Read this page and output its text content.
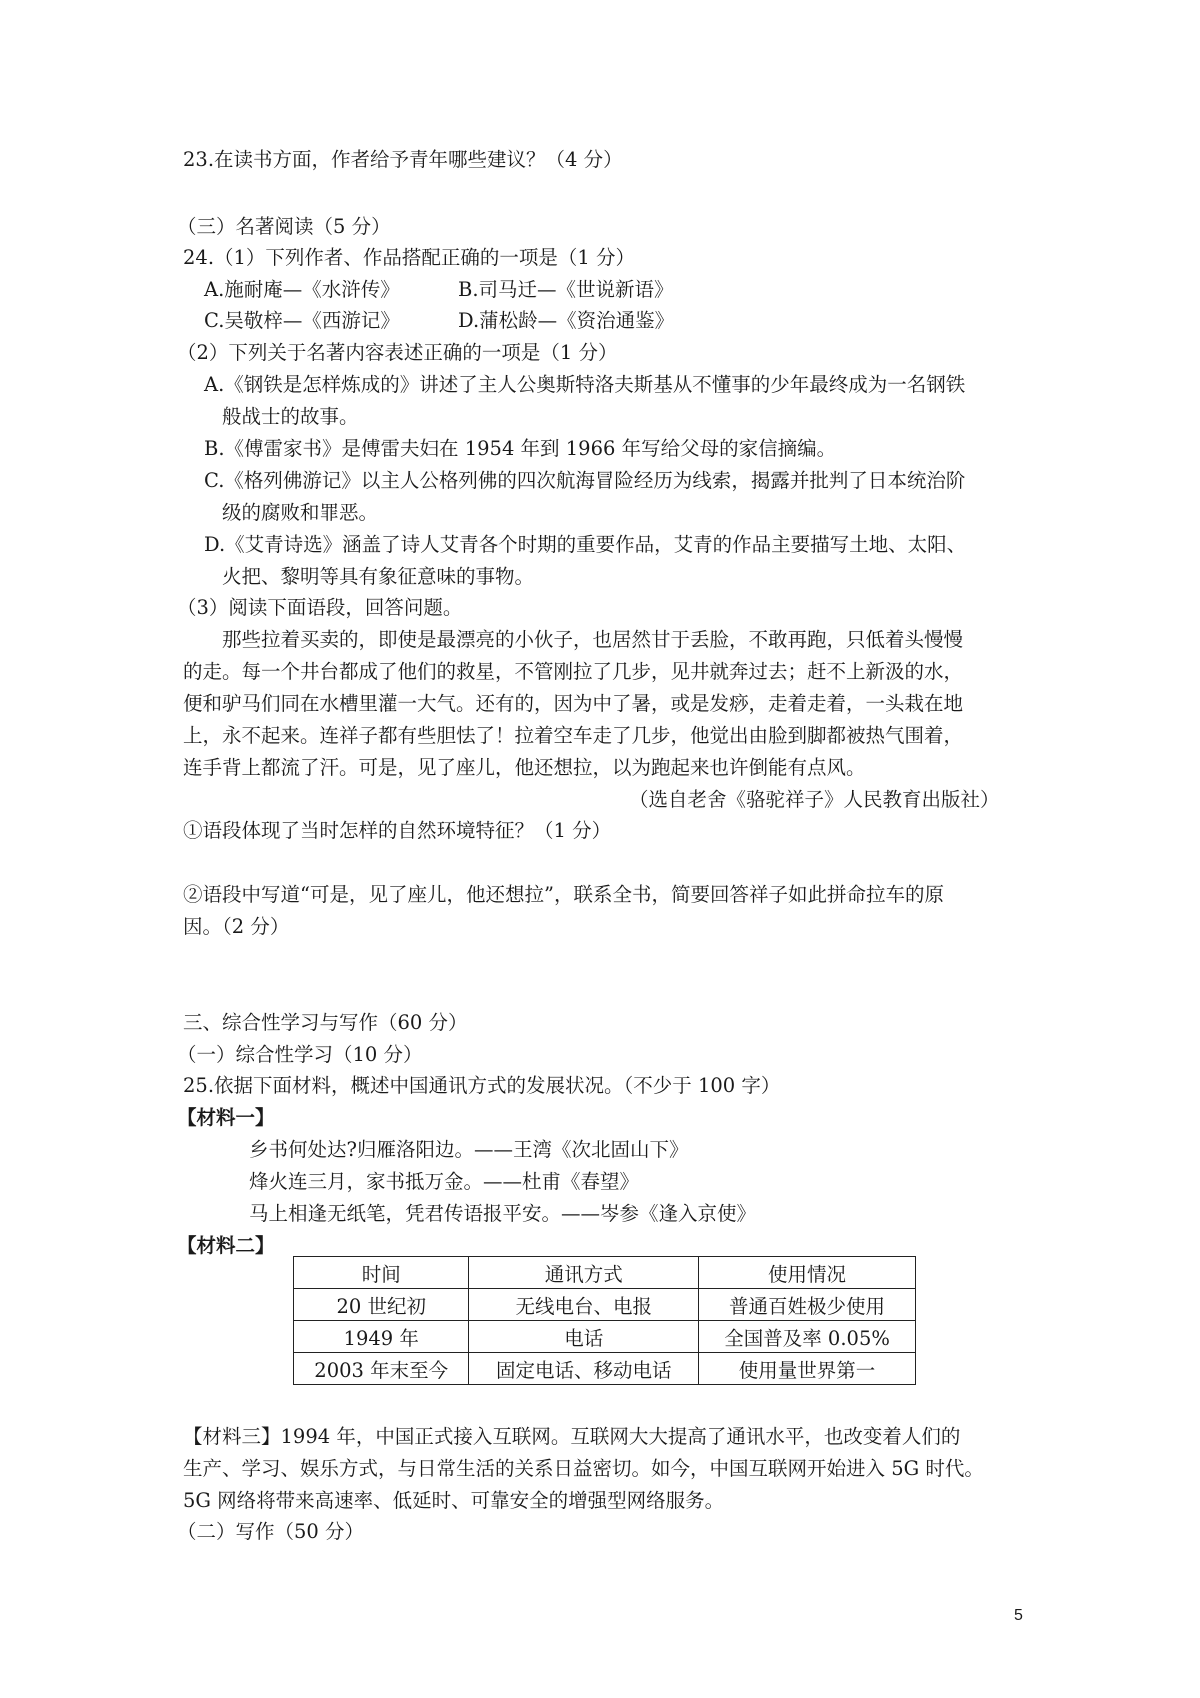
23.在读书方面，作者给予青年哪些建议？（4 分）
（三）名著阅读（5 分）
24.（1）下列作者、作品搭配正确的一项是（1 分）
A.施耐庵—《水浒传》	B.司马迁—《世说新语》
C.吴敬梓—《西游记》	D.蒲松龄—《资治通鉴》
（2）下列关于名著内容表述正确的一项是（1 分）
A.《钢铁是怎样炼成的》讲述了主人公奥斯特洛夫斯基从不懂事的少年最终成为一名钢铁
般战士的故事。
B.《傅雷家书》是傅雷夫妇在 1954 年到 1966 年写给父母的家信摘编。
C.《格列佛游记》以主人公格列佛的四次航海冒险经历为线索，揭露并批判了日本统治阶
级的腐败和罪恶。
D.《艾青诗选》涵盖了诗人艾青各个时期的重要作品，艾青的作品主要描写土地、太阳、
火把、黎明等具有象征意味的事物。
（3）阅读下面语段，回答问题。
那些拉着买卖的，即使是最漂亮的小伙子，也居然甘于丢脸，不敢再跑，只低着头慢慢
的走。每一个井台都成了他们的救星，不管刚拉了几步，见井就奔过去；赶不上新汲的水，
便和驴马们同在水槽里灌一大气。还有的，因为中了暑，或是发痧，走着走着，一头栽在地
上，永不起来。连祥子都有些胆怯了！拉着空车走了几步，他觉出由脸到脚都被热气围着，
连手背上都流了汗。可是，见了座儿，他还想拉，以为跑起来也许倒能有点风。
（选自老舍《骆驼祥子》人民教育出版社）
①语段体现了当时怎样的自然环境特征？（1 分）
②语段中写道“可是，见了座儿，他还想拉”，联系全书，简要回答祥子如此拼命拉车的原
因。（2 分）
三、综合性学习与写作（60 分）
（一）综合性学习（10 分）
25.依据下面材料，概述中国通讯方式的发展状况。（不少于 100 字）
【材料一】
乡书何处达?归雁洛阳边。——王湾《次北固山下》
烽火连三月，家书抵万金。——杜甫《春望》
马上相逢无纸笔，凭君传语报平安。——岑参《逢入京使》
【材料二】
时间	通讯方式	使用情况
20 世纪初	无线电台、电报	普通百姓极少使用
1949 年	电话	全国普及率 0.05%
2003 年末至今	固定电话、移动电话	使用量世界第一
【材料三】1994 年，中国正式接入互联网。互联网大大提高了通讯水平，也改变着人们的
生产、学习、娱乐方式，与日常生活的关系日益密切。如今，中国互联网开始进入 5G 时代。
5G 网络将带来高速率、低延时、可靠安全的增强型网络服务。
（二）写作（50 分）
5
